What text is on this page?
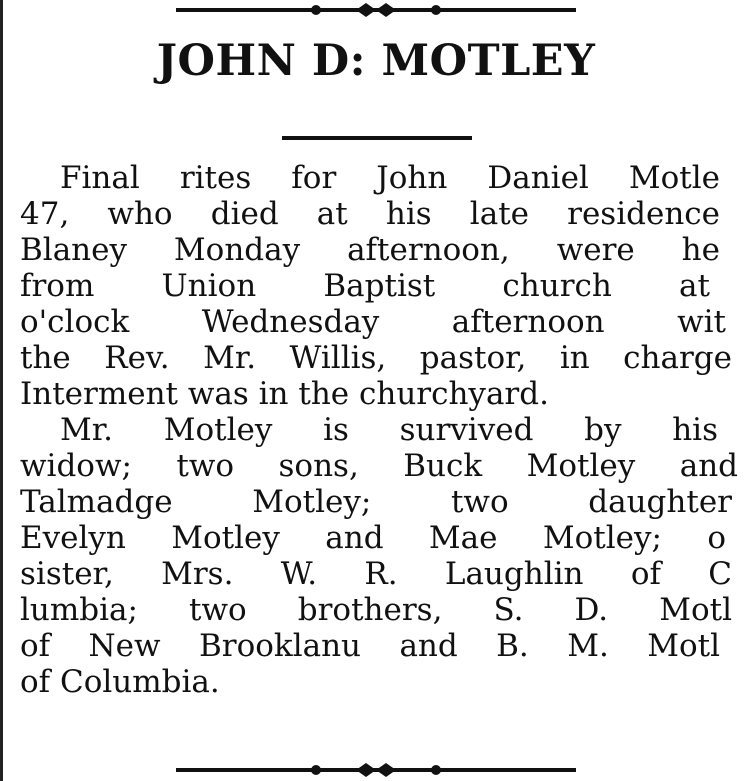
JOHN D: MOTLEY
Final rites for John Daniel Motle
47, who died at his late residence
Blaney Monday afternoon, were he
from Union Baptist church at
o'clock Wednesday afternoon wit
the Rev. Mr. Willis, pastor, in charge
Interment was in the churchyard.
Mr. Motley is survived by his
widow; two sons, Buck Motley and
Talmadge Motley; two daughter
Evelyn Motley and Mae Motley; o
sister, Mrs. W. R. Laughlin of C
lumbia; two brothers, S. D. Motl
of New Brooklanu and B. M. Motl
of Columbia.
